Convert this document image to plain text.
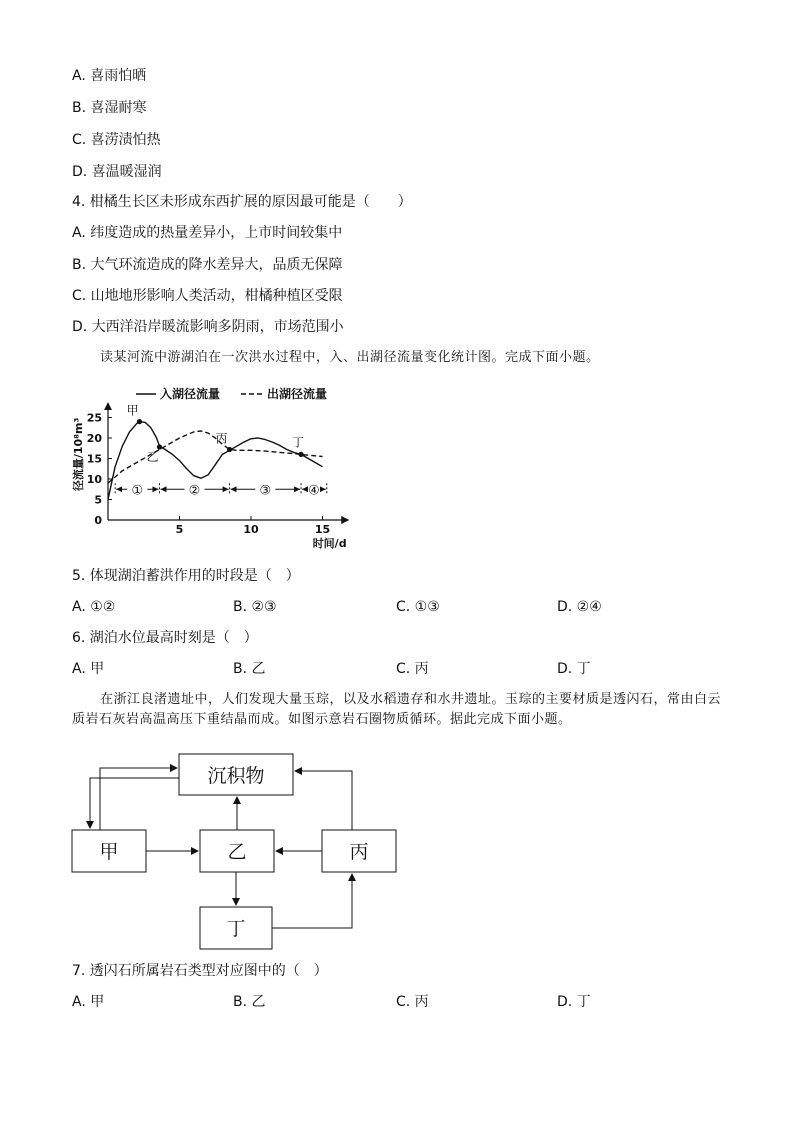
A. 喜雨怕晒
B. 喜湿耐寒
C. 喜涝渍怕热
D. 喜温暖湿润
4. 柑橘生长区未形成东西扩展的原因最可能是（　　）
A. 纬度造成的热量差异小，上市时间较集中
B. 大气环流造成的降水差异大，品质无保障
C. 山地地形影响人类活动，柑橘种植区受限
D. 大西洋沿岸暖流影响多阴雨，市场范围小
读某河流中游湖泊在一次洪水过程中，入、出湖径流量变化统计图。完成下面小题。
0
5
10
15
20
25
5	10	15
时间/d
径流量/10⁸m³
入湖径流量	出湖径流量
甲
乙
丙	丁
①	②	③	④
5. 体现湖泊蓄洪作用的时段是（　）
A. ①②	B. ②③	C. ①③	D. ②④
6. 湖泊水位最高时刻是（　）
A. 甲	B. 乙	C. 丙	D. 丁
在浙江良渚遗址中，人们发现大量玉琮，以及水稻遗存和水井遗址。玉琮的主要材质是透闪石，常由白云质岩石灰岩高温高压下重结晶而成。如图示意岩石圈物质循环。据此完成下面小题。
沉积物
甲	乙	丙
丁
7. 透闪石所属岩石类型对应图中的（　）
A. 甲	B. 乙	C. 丙	D. 丁
